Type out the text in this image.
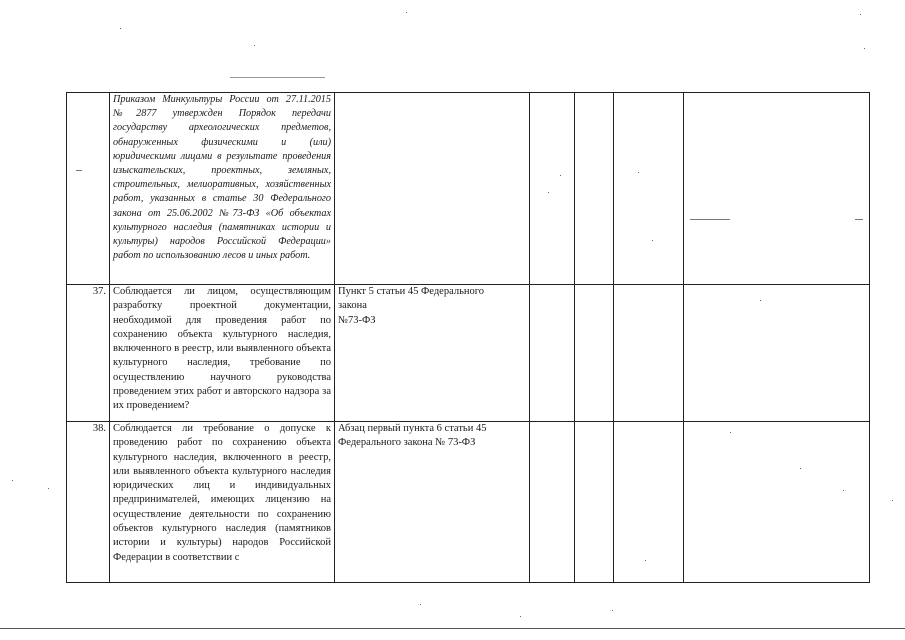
	Приказом Минкультуры России от 27.11.2015 №2877 утвержден Порядок передачи государству археологических предметов, обнаруженных физическими и (или) юридическими лицами в результате проведения изыскательских, проектных, земляных, строительных, мелиоративных, хозяйственных работ, указанных в статье 30 Федерального закона от 25.06.2002 №73-ФЗ «Об объектах культурного наследия (памятниках истории и культуры) народов Российской Федерации» работ по использованию лесов и иных работ.	

37.	Соблюдается ли лицом, осуществляющим разработку проектной документации, необходимой для проведения работ по сохранению объекта культурного наследия, включенного в реестр, или выявленного объекта культурного наследия, требование по осуществлению научного руководства проведением этих работ и авторского надзора за их проведением?	Пункт 5 статьи 45 Федерального закона
№73-ФЗ				

38.	Соблюдается ли требование о допуске к проведению работ по сохранению объекта культурного наследия, включенного в реестр, или выявленного объекта культурного наследия юридических лиц и индивидуальных предпринимателей, имеющих лицензию на осуществление деятельности по сохранению объектов культурного наследия (памятников истории и культуры) народов Российской Федерации в соответствии с	Абзац первый пункта 6 статьи 45 Федерального закона № 73-ФЗ				
